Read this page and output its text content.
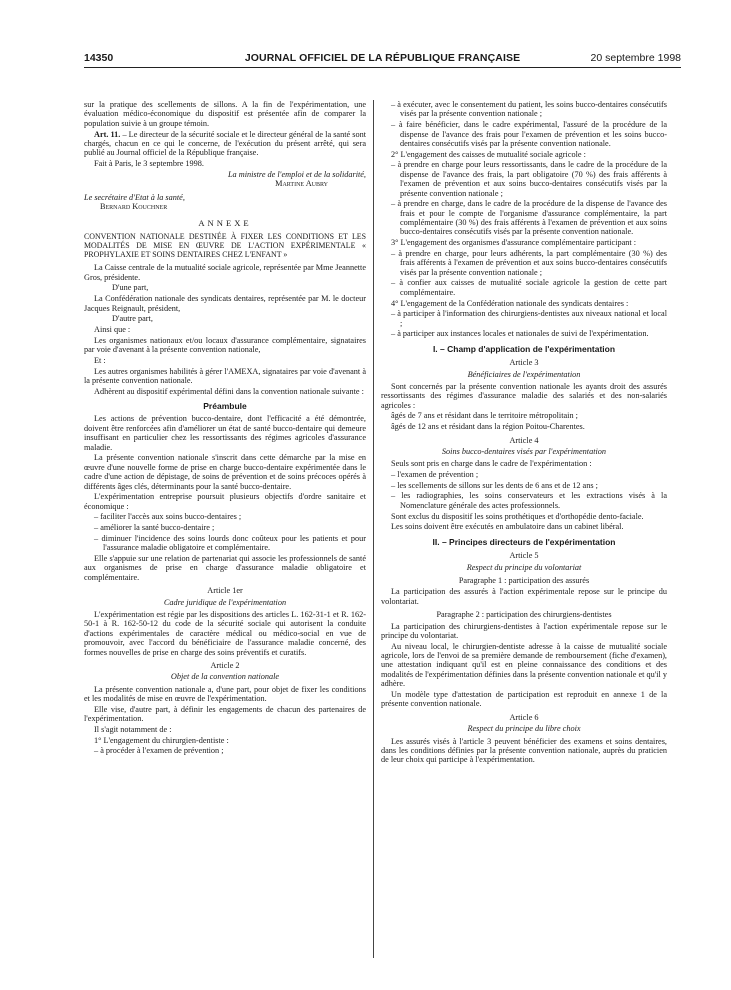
14350	JOURNAL OFFICIEL DE LA RÉPUBLIQUE FRANÇAISE	20 septembre 1998

sur la pratique des scellements de sillons. A la fin de l'expérimentation, une évaluation médico-économique du dispositif est présentée afin de comparer la population suivie à un groupe témoin.

Art. 11. – Le directeur de la sécurité sociale et le directeur général de la santé sont chargés, chacun en ce qui le concerne, de l'exécution du présent arrêté, qui sera publié au Journal officiel de la République française.

Fait à Paris, le 3 septembre 1998.

La ministre de l'emploi et de la solidarité,

Martine Aubry

Le secrétaire d'Etat à la santé,

Bernard Kouchner

ANNEXE

CONVENTION NATIONALE DESTINÉE À FIXER LES CONDITIONS ET LES MODALITÉS DE MISE EN ŒUVRE DE L'ACTION EXPÉRIMENTALE « PROPHYLAXIE ET SOINS DENTAIRES CHEZ L'ENFANT »

La Caisse centrale de la mutualité sociale agricole, représentée par Mme Jeannette Gros, présidente.

D'une part,

La Confédération nationale des syndicats dentaires, représentée par M. le docteur Jacques Reignault, président,

D'autre part,

Ainsi que :

Les organismes nationaux et/ou locaux d'assurance complémentaire, signataires par voie d'avenant à la présente convention nationale,

Et :

Les autres organismes habilités à gérer l'AMEXA, signataires par voie d'avenant à la présente convention nationale.

Adhèrent au dispositif expérimental défini dans la convention nationale suivante :

Préambule

Les actions de prévention bucco-dentaire, dont l'efficacité a été démontrée, doivent être renforcées afin d'améliorer un état de santé bucco-dentaire qui demeure insuffisant en particulier chez les ressortissants des régimes agricoles d'assurance maladie.

La présente convention nationale s'inscrit dans cette démarche par la mise en œuvre d'une nouvelle forme de prise en charge bucco-dentaire expérimentée dans le cadre d'une action de dépistage, de soins de prévention et de soins précoces opérés à différents âges clés, déterminants pour la santé bucco-dentaire.

L'expérimentation entreprise poursuit plusieurs objectifs d'ordre sanitaire et économique :

– faciliter l'accès aux soins bucco-dentaires ;

– améliorer la santé bucco-dentaire ;

– diminuer l'incidence des soins lourds donc coûteux pour les patients et pour l'assurance maladie obligatoire et complémentaire.

Elle s'appuie sur une relation de partenariat qui associe les professionnels de santé aux organismes de prise en charge d'assurance maladie obligatoire et complémentaire.

Article 1er

Cadre juridique de l'expérimentation

L'expérimentation est régie par les dispositions des articles L. 162-31-1 et R. 162-50-1 à R. 162-50-12 du code de la sécurité sociale qui autorisent la conduite d'actions expérimentales de caractère médical ou médico-social en vue de promouvoir, avec l'accord du bénéficiaire de l'assurance maladie concerné, des formes nouvelles de prise en charge des soins préventifs et curatifs.

Article 2

Objet de la convention nationale

La présente convention nationale a, d'une part, pour objet de fixer les conditions et les modalités de mise en œuvre de l'expérimentation.

Elle vise, d'autre part, à définir les engagements de chacun des partenaires de l'expérimentation.

Il s'agit notamment de :

1° L'engagement du chirurgien-dentiste :

– à procéder à l'examen de prévention ;

– à exécuter, avec le consentement du patient, les soins bucco-dentaires consécutifs visés par la présente convention nationale ;

– à faire bénéficier, dans le cadre expérimental, l'assuré de la procédure de la dispense de l'avance des frais pour l'examen de prévention et les soins bucco-dentaires consécutifs visés par la présente convention nationale.

2° L'engagement des caisses de mutualité sociale agricole :

– à prendre en charge pour leurs ressortissants, dans le cadre de la procédure de la dispense de l'avance des frais, la part obligatoire (70 %) des frais afférents à l'examen de prévention et aux soins bucco-dentaires consécutifs visés par la présente convention nationale ;

– à prendre en charge, dans le cadre de la procédure de la dispense de l'avance des frais et pour le compte de l'organisme d'assurance complémentaire, la part complémentaire (30 %) des frais afférents à l'examen de prévention et aux soins bucco-dentaires consécutifs visés par la présente convention nationale.

3° L'engagement des organismes d'assurance complémentaire participant :

– à prendre en charge, pour leurs adhérents, la part complémentaire (30 %) des frais afférents à l'examen de prévention et aux soins bucco-dentaires consécutifs visés par la présente convention nationale ;

– à confier aux caisses de mutualité sociale agricole la gestion de cette part complémentaire.

4° L'engagement de la Confédération nationale des syndicats dentaires :

– à participer à l'information des chirurgiens-dentistes aux niveaux national et local ;

– à participer aux instances locales et nationales de suivi de l'expérimentation.

I. – Champ d'application de l'expérimentation

Article 3

Bénéficiaires de l'expérimentation

Sont concernés par la présente convention nationale les ayants droit des assurés ressortissants des régimes d'assurance maladie des salariés et des non-salariés agricoles :

âgés de 7 ans et résidant dans le territoire métropolitain ;

âgés de 12 ans et résidant dans la région Poitou-Charentes.

Article 4

Soins bucco-dentaires visés par l'expérimentation

Seuls sont pris en charge dans le cadre de l'expérimentation :

– l'examen de prévention ;

– les scellements de sillons sur les dents de 6 ans et de 12 ans ;

– les radiographies, les soins conservateurs et les extractions visés à la Nomenclature générale des actes professionnels.

Sont exclus du dispositif les soins prothétiques et d'orthopédie dento-faciale.

Les soins doivent être exécutés en ambulatoire dans un cabinet libéral.

II. – Principes directeurs de l'expérimentation

Article 5

Respect du principe du volontariat

Paragraphe 1 : participation des assurés

La participation des assurés à l'action expérimentale repose sur le principe du volontariat.

Paragraphe 2 : participation des chirurgiens-dentistes

La participation des chirurgiens-dentistes à l'action expérimentale repose sur le principe du volontariat.

Au niveau local, le chirurgien-dentiste adresse à la caisse de mutualité sociale agricole, lors de l'envoi de sa première demande de remboursement (fiche d'examen), une attestation indiquant qu'il est en pleine connaissance des conditions et des modalités de l'expérimentation définies dans la présente convention nationale et qu'il y adhère.

Un modèle type d'attestation de participation est reproduit en annexe 1 de la présente convention nationale.

Article 6

Respect du principe du libre choix

Les assurés visés à l'article 3 peuvent bénéficier des examens et soins dentaires, dans les conditions définies par la présente convention nationale, auprès du praticien de leur choix qui participe à l'expérimentation.
